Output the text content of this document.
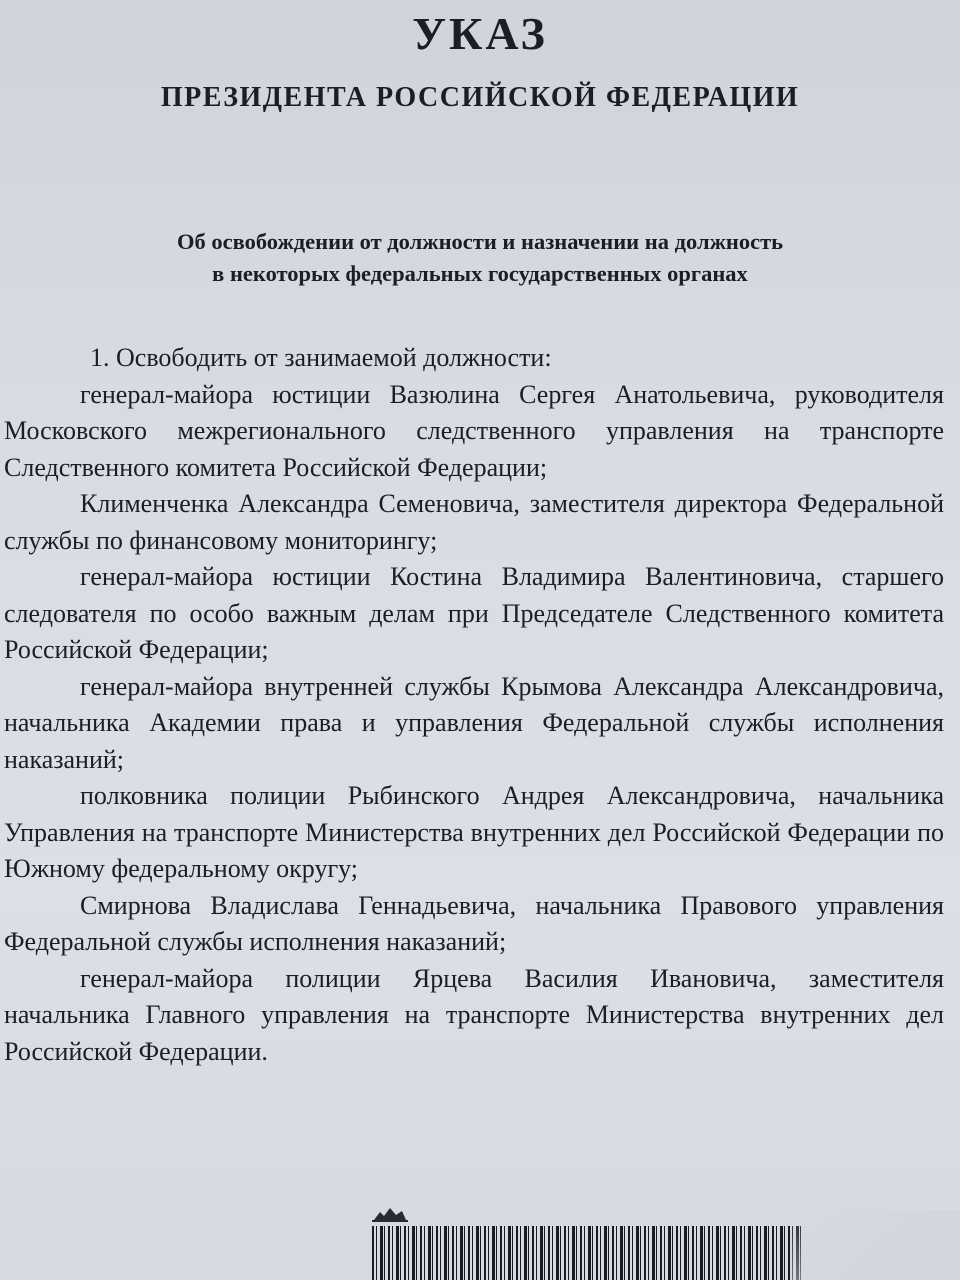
УКАЗ
ПРЕЗИДЕНТА РОССИЙСКОЙ ФЕДЕРАЦИИ
Об освобождении от должности и назначении на должность
в некоторых федеральных государственных органах

1. Освободить от занимаемой должности:

генерал-майора юстиции Вазюлина Сергея Анатольевича, руководителя Московского межрегионального следственного управления на транспорте Следственного комитета Российской Федерации;

Клименченка Александра Семеновича, заместителя директора Федеральной службы по финансовому мониторингу;

генерал-майора юстиции Костина Владимира Валентиновича, старшего следователя по особо важным делам при Председателе Следственного комитета Российской Федерации;

генерал-майора внутренней службы Крымова Александра Александровича, начальника Академии права и управления Федеральной службы исполнения наказаний;

полковника полиции Рыбинского Андрея Александровича, начальника Управления на транспорте Министерства внутренних дел Российской Федерации по Южному федеральному округу;

Смирнова Владислава Геннадьевича, начальника Правового управления Федеральной службы исполнения наказаний;

генерал-майора полиции Ярцева Василия Ивановича, заместителя начальника Главного управления на транспорте Министерства внутренних дел Российской Федерации.
